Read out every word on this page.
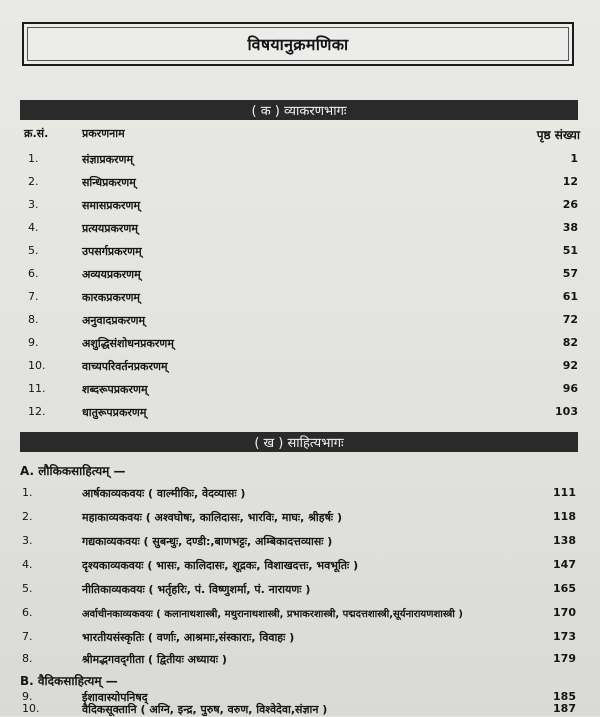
विषयानुक्रमणिका
( क ) व्याकरणभागः
क्र.सं.	प्रकरणनाम	पृष्ठ संख्या
1.	संज्ञाप्रकरणम्	1
2.	सन्धिप्रकरणम्	12
3.	समासप्रकरणम्	26
4.	प्रत्ययप्रकरणम्	38
5.	उपसर्गप्रकरणम्	51
6.	अव्ययप्रकरणम्	57
7.	कारकप्रकरणम्	61
8.	अनुवादप्रकरणम्	72
9.	अशुद्धिसंशोधनप्रकरणम्	82
10.	वाच्यपरिवर्तनप्रकरणम्	92
11.	शब्दरूपप्रकरणम्	96
12.	धातुरूपप्रकरणम्	103
( ख ) साहित्यभागः
A. लौकिकसाहित्यम् —
1.	आर्षकाव्यकवयः ( वाल्मीकिः, वेदव्यासः )	111
2.	महाकाव्यकवयः ( अश्वघोषः, कालिदासः, भारविः, माघः, श्रीहर्षः )	118
3.	गद्यकाव्यकवयः ( सुबन्धुः, दण्डी:,बाणभट्टः, अम्बिकादत्तव्यासः )	138
4.	दृश्यकाव्यकवयः ( भासः, कालिदासः, शूद्रकः, विशाखदत्तः, भवभूतिः )	147
5.	नीतिकाव्यकवयः ( भर्तृहरिः, पं. विष्णुशर्मा, पं. नारायणः )	165
6.	अर्वाचीनकाव्यकवयः ( कलानाथशास्त्री, मथुरानाथशास्त्री, प्रभाकरशास्त्री, पद्मदत्तशास्त्री,सूर्यनारायणशास्त्री )	170
7.	भारतीयसंस्कृतिः ( वर्णाः, आश्रमाः,संस्काराः, विवाहः )	173
8.	श्रीमद्भगवद्‌गीता ( द्वितीयः अध्यायः )	179
B. वैदिकसाहित्यम् —
9.	ईशावास्योपनिषद्	185
10.	वैदिकसूक्तानि ( अग्नि, इन्द्र, पुरुष, वरुण, विश्वेदेवा,संज्ञान )	187
